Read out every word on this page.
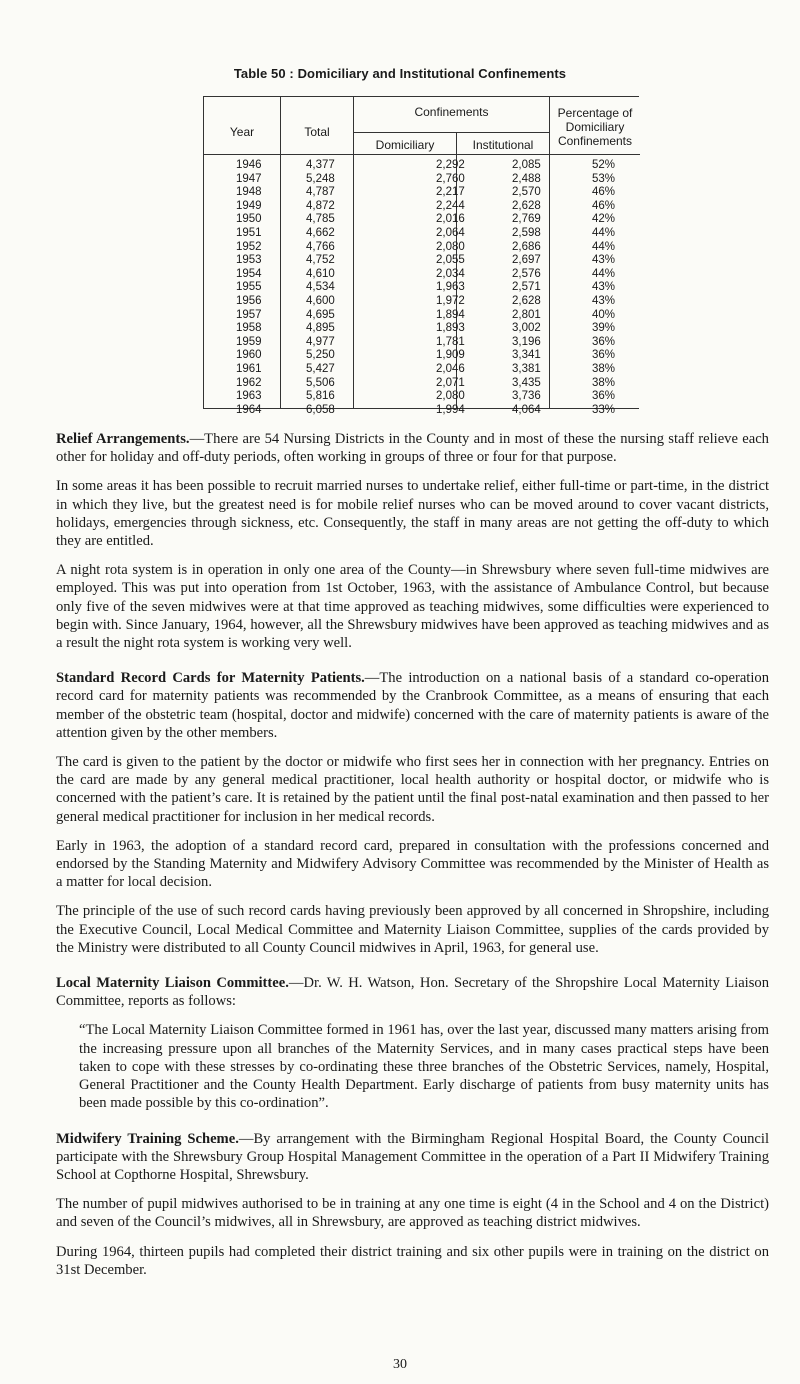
Table 50 : Domiciliary and Institutional Confinements
Year	Total
Confinements
Domiciliary	Institutional
Percentage of Domiciliary Confinements
1946
1947
1948
1949
1950
1951
1952
1953
1954
1955
1956
1957
1958
1959
1960
1961
1962
1963
1964
4,377
5,248
4,787
4,872
4,785
4,662
4,766
4,752
4,610
4,534
4,600
4,695
4,895
4,977
5,250
5,427
5,506
5,816
6,058
2,292
2,760
2,217
2,244
2,016
2,064
2,080
2,055
2,034
1,963
1,972
1,894
1,893
1,781
1,909
2,046
2,071
2,080
1,994
2,085
2,488
2,570
2,628
2,769
2,598
2,686
2,697
2,576
2,571
2,628
2,801
3,002
3,196
3,341
3,381
3,435
3,736
4,064
52%
53%
46%
46%
42%
44%
44%
43%
44%
43%
43%
40%
39%
36%
36%
38%
38%
36%
33%

Relief Arrangements.—There are 54 Nursing Districts in the County and in most of these the nursing staff relieve each other for holiday and off-duty periods, often working in groups of three or four for that purpose.

In some areas it has been possible to recruit married nurses to undertake relief, either full-time or part-time, in the district in which they live, but the greatest need is for mobile relief nurses who can be moved around to cover vacant districts, holidays, emergencies through sickness, etc. Consequently, the staff in many areas are not getting the off-duty to which they are entitled.

A night rota system is in operation in only one area of the County—in Shrewsbury where seven full-time midwives are employed. This was put into operation from 1st October, 1963, with the assistance of Ambulance Control, but because only five of the seven midwives were at that time approved as teaching midwives, some difficulties were experienced to begin with. Since January, 1964, however, all the Shrewsbury midwives have been approved as teaching midwives and as a result the night rota system is working very well.

Standard Record Cards for Maternity Patients.—The introduction on a national basis of a standard co-operation record card for maternity patients was recommended by the Cranbrook Committee, as a means of ensuring that each member of the obstetric team (hospital, doctor and midwife) concerned with the care of maternity patients is aware of the attention given by the other members.

The card is given to the patient by the doctor or midwife who first sees her in connection with her pregnancy. Entries on the card are made by any general medical practitioner, local health authority or hospital doctor, or midwife who is concerned with the patient’s care. It is retained by the patient until the final post-natal examination and then passed to her general medical practitioner for inclusion in her medical records.

Early in 1963, the adoption of a standard record card, prepared in consultation with the professions concerned and endorsed by the Standing Maternity and Midwifery Advisory Committee was recommended by the Minister of Health as a matter for local decision.

The principle of the use of such record cards having previously been approved by all concerned in Shropshire, including the Executive Council, Local Medical Committee and Maternity Liaison Committee, supplies of the cards provided by the Ministry were distributed to all County Council midwives in April, 1963, for general use.

Local Maternity Liaison Committee.—Dr. W. H. Watson, Hon. Secretary of the Shropshire Local Maternity Liaison Committee, reports as follows:

“The Local Maternity Liaison Committee formed in 1961 has, over the last year, discussed many matters arising from the increasing pressure upon all branches of the Maternity Services, and in many cases practical steps have been taken to cope with these stresses by co-ordinating these three branches of the Obstetric Services, namely, Hospital, General Practitioner and the County Health Department. Early discharge of patients from busy maternity units has been made possible by this co-ordination”.

Midwifery Training Scheme.—By arrangement with the Birmingham Regional Hospital Board, the County Council participate with the Shrewsbury Group Hospital Management Committee in the operation of a Part II Midwifery Training School at Copthorne Hospital, Shrewsbury.

The number of pupil midwives authorised to be in training at any one time is eight (4 in the School and 4 on the District) and seven of the Council’s midwives, all in Shrewsbury, are approved as teaching district midwives.

During 1964, thirteen pupils had completed their district training and six other pupils were in training on the district on 31st December.

30
